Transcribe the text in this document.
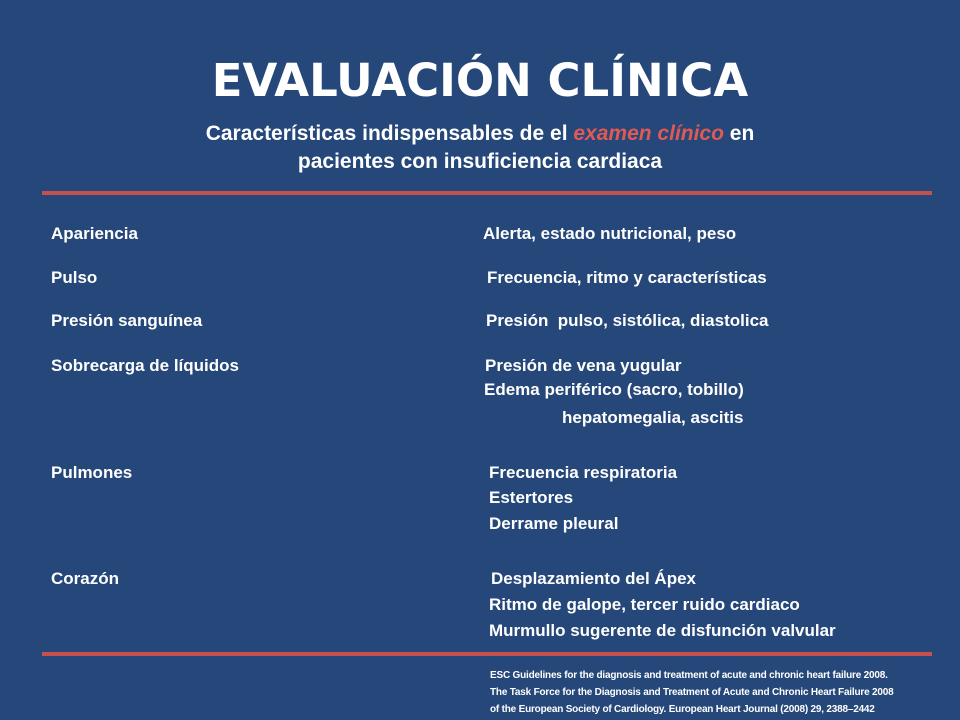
EVALUACIÓN CLÍNICA
Características indispensables de el examen clínico en
pacientes con insuficiencia cardiaca
Apariencia	Alerta, estado nutricional, peso
Pulso	Frecuencia, ritmo y características
Presión sanguínea	Presión  pulso, sistólica, diastolica
Sobrecarga de líquidos	Presión de vena yugular
Edema periférico (sacro, tobillo)
hepatomegalia, ascitis
Pulmones	Frecuencia respiratoria
Estertores
Derrame pleural
Corazón	Desplazamiento del Ápex
Ritmo de galope, tercer ruido cardiaco
Murmullo sugerente de disfunción valvular
ESC Guidelines for the diagnosis and treatment of acute and chronic heart failure 2008.
The Task Force for the Diagnosis and Treatment of Acute and Chronic Heart Failure 2008
of the European Society of Cardiology. European Heart Journal (2008) 29, 2388–2442
